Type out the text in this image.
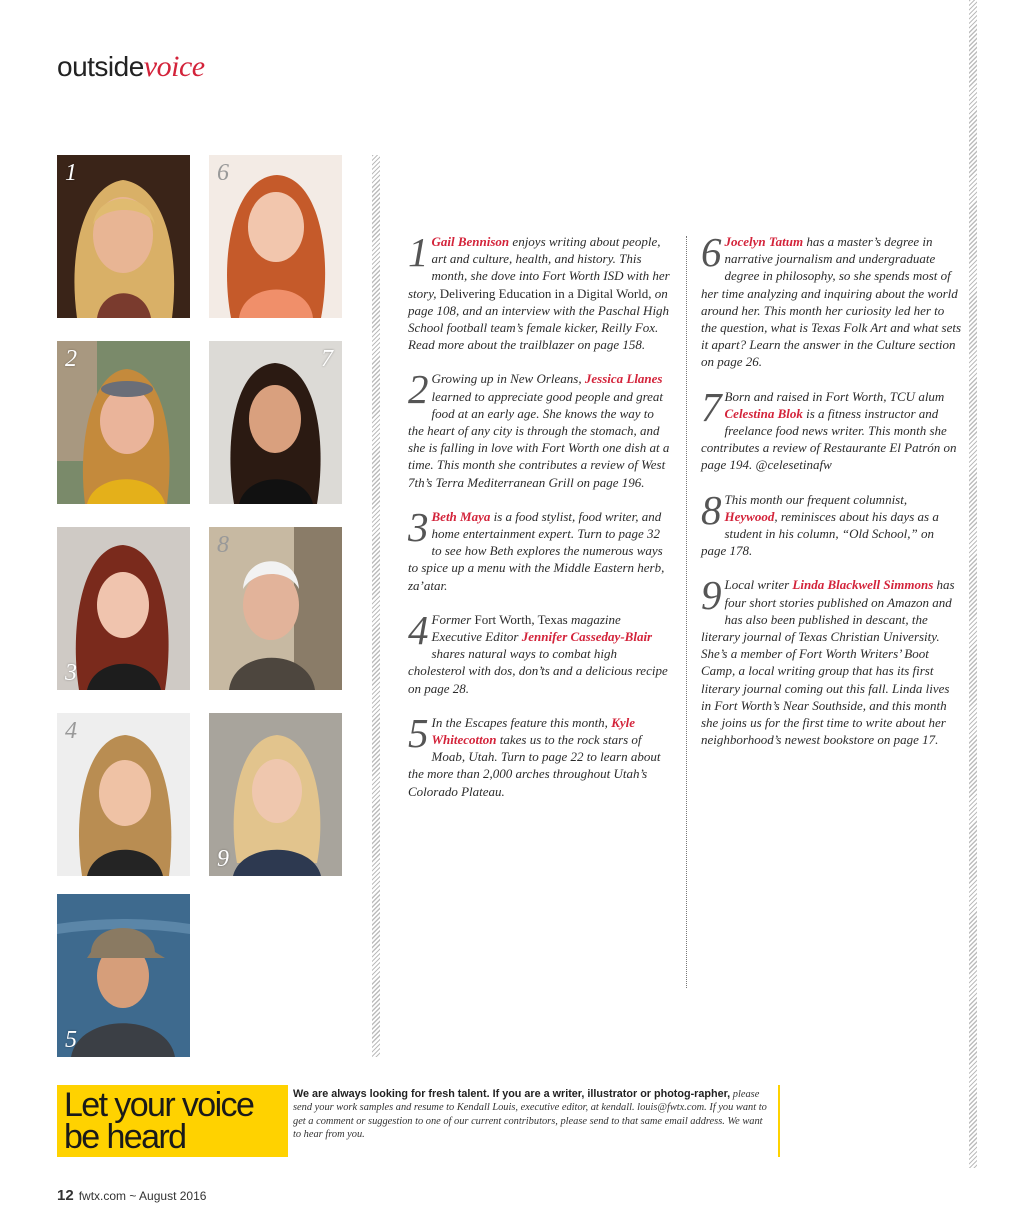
outsidevoice
1	6
2	7
3
8
4
9
5
1 Gail Bennison enjoys writing about people, art and culture, health, and history. This month, she dove into Fort Worth ISD with her story, Delivering Education in a Digital World, on page 108, and an interview with the Paschal High School football team’s female kicker, Reilly Fox. Read more about the trailblazer on page 158.
2 Growing up in New Orleans, Jessica Llanes learned to appreciate good people and great food at an early age. She knows the way to the heart of any city is through the stomach, and she is falling in love with Fort Worth one dish at a time. This month she contributes a review of West 7th’s Terra Mediterranean Grill on page 196.
3 Beth Maya is a food stylist, food writer, and home entertainment expert. Turn to page 32 to see how Beth explores the numerous ways to spice up a menu with the Middle Eastern herb, za’atar.
4 Former Fort Worth, Texas magazine Executive Editor Jennifer Casseday-Blair shares natural ways to combat high cholesterol with dos, don’ts and a delicious recipe on page 28.
5 In the Escapes feature this month, Kyle Whitecotton takes us to the rock stars of Moab, Utah. Turn to page 22 to learn about the more than 2,000 arches throughout Utah’s Colorado Plateau.
6 Jocelyn Tatum has a master’s degree in narrative journalism and undergraduate degree in philosophy, so she spends most of her time analyzing and inquiring about the world around her. This month her curiosity led her to the question, what is Texas Folk Art and what sets it apart? Learn the answer in the Culture section on page 26.
7 Born and raised in Fort Worth, TCU alum Celestina Blok is a fitness instructor and freelance food news writer. This month she contributes a review of Restaurante El Patrón on page 194. @celesetinafw
8 This month our frequent columnist, Heywood, reminisces about his days as a student in his column, “Old School,” on page 178.
9 Local writer Linda Blackwell Simmons has four short stories published on Amazon and has also been published in descant, the literary journal of Texas Christian University. She’s a member of Fort Worth Writers’ Boot Camp, a local writing group that has its first literary journal coming out this fall. Linda lives in Fort Worth’s Near Southside, and this month she joins us for the first time to write about her neighborhood’s newest bookstore on page 17.
Let your voice
be heard
We are always looking for fresh talent. If you are a writer, illustrator or photog-rapher, please send your work samples and resume to Kendall Louis, executive editor, at kendall. louis@fwtx.com. If you want to get a comment or suggestion to one of our current contributors, please send to that same email address. We want to hear from you.
12 fwtx.com ~ August 2016
